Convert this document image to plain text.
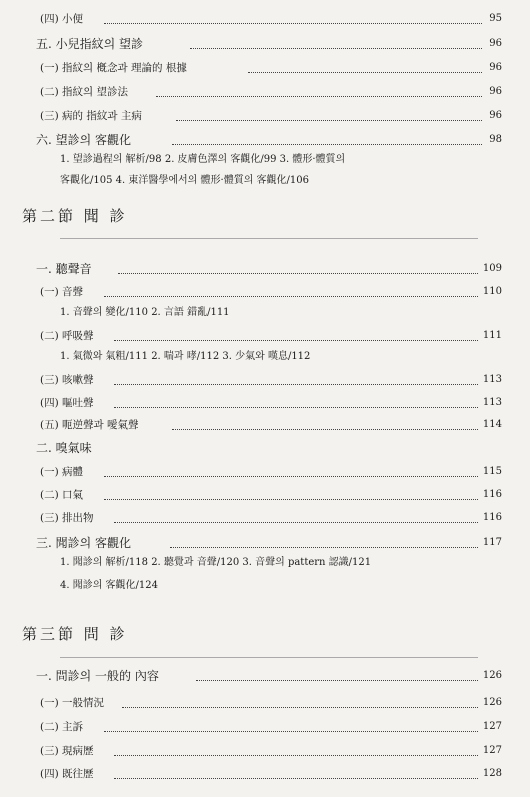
(四) 小便	95
五. 小兒指紋의 望診	96
(一) 指紋의 槪念과 理論的 根據	96
(二) 指紋의 望診法	96
(三) 病的 指紋과 主病	96
六. 望診의 客觀化	98
1. 望診過程의 解析/98 2. 皮膚色澤의 客觀化/99 3. 體形·體質의
客觀化/105 4. 東洋醫學에서의 體形·體質의 客觀化/106
第二節 聞 診
一. 聽聲音	109
(一) 音聲	110
1. 音聲의 變化/110 2. 言語 錯亂/111
(二) 呼吸聲	111
1. 氣微와 氣粗/111 2. 喘과 哮/112 3. 少氣와 嘆息/112
(三) 咳嗽聲	113
(四) 嘔吐聲	113
(五) 呃逆聲과 噯氣聲	114
二. 嗅氣味
(一) 病體	115
(二) 口氣	116
(三) 排出物	116
三. 聞診의 客觀化	117
1. 聞診의 解析/118 2. 聽覺과 音聲/120 3. 音聲의 pattern 認識/121
4. 聞診의 客觀化/124
第三節 問 診
一. 問診의 一般的 內容	126
(一) 一般情況	126
(二) 主訴	127
(三) 現病歷	127
(四) 既往歷	128
